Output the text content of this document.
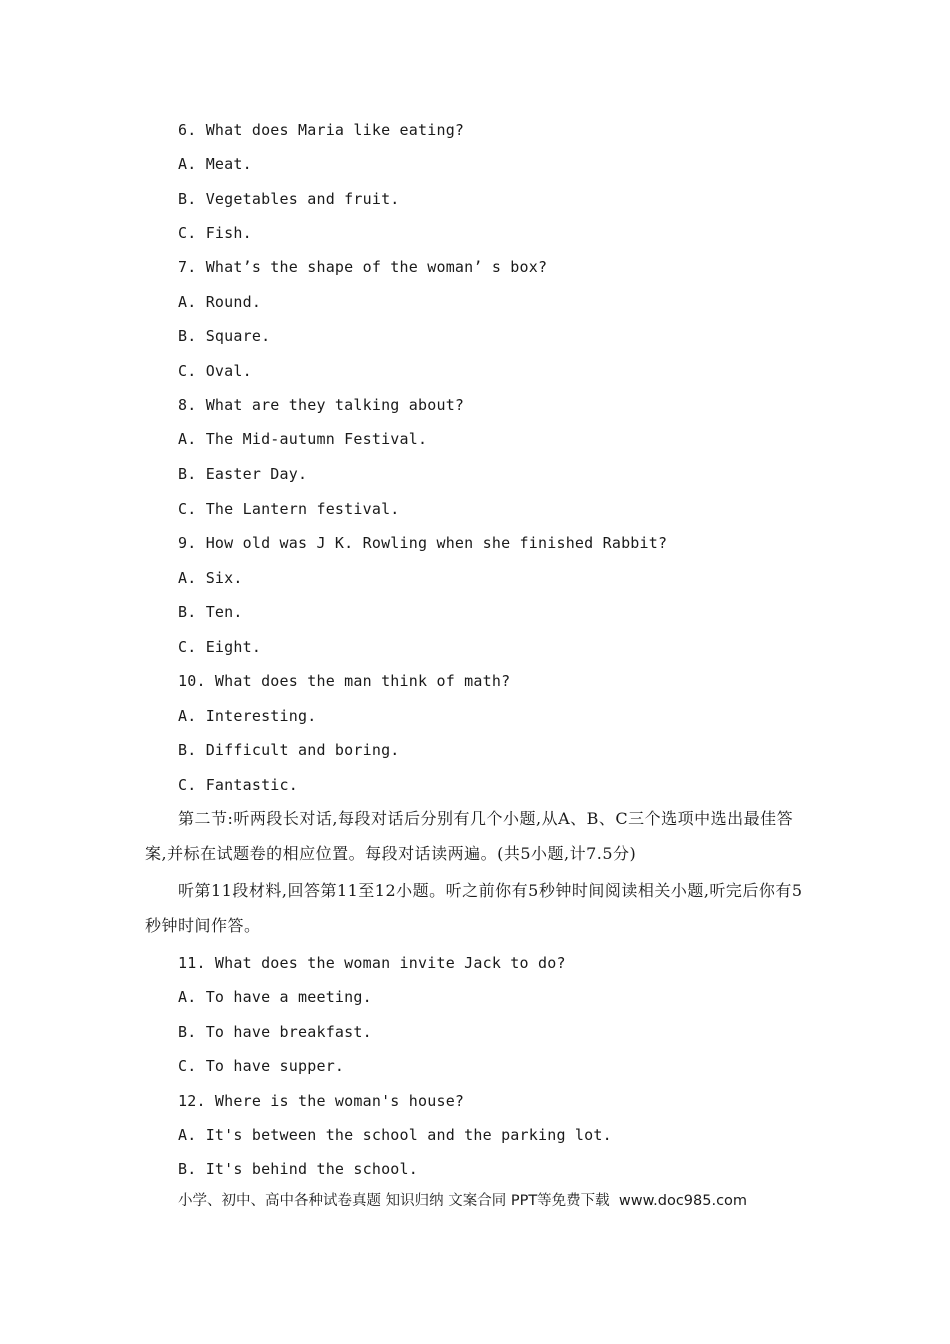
6. What does Maria like eating?
A. Meat.
B. Vegetables and fruit.
C. Fish.
7. What’s the shape of the woman’ s box?
A. Round.
B. Square.
C. Oval.
8. What are they talking about?
A. The Mid-autumn Festival.
B. Easter Day.
C. The Lantern festival.
9. How old was J K. Rowling when she finished Rabbit?
A. Six.
B. Ten.
C. Eight.
10. What does the man think of math?
A. Interesting.
B. Difficult and boring.
C. Fantastic.
第二节:听两段长对话,每段对话后分别有几个小题,从A、B、C三个选项中选出最佳答案,并标在试题卷的相应位置。每段对话读两遍。(共5小题,计7.5分)
听第11段材料,回答第11至12小题。听之前你有5秒钟时间阅读相关小题,听完后你有5秒钟时间作答。
11. What does the woman invite Jack to do?
A. To have a meeting.
B. To have breakfast.
C. To have supper.
12. Where is the woman's house?
A. It's between the school and the parking lot.
B. It's behind the school.
小学、初中、高中各种试卷真题 知识归纳 文案合同 PPT等免费下载  www.doc985.com
